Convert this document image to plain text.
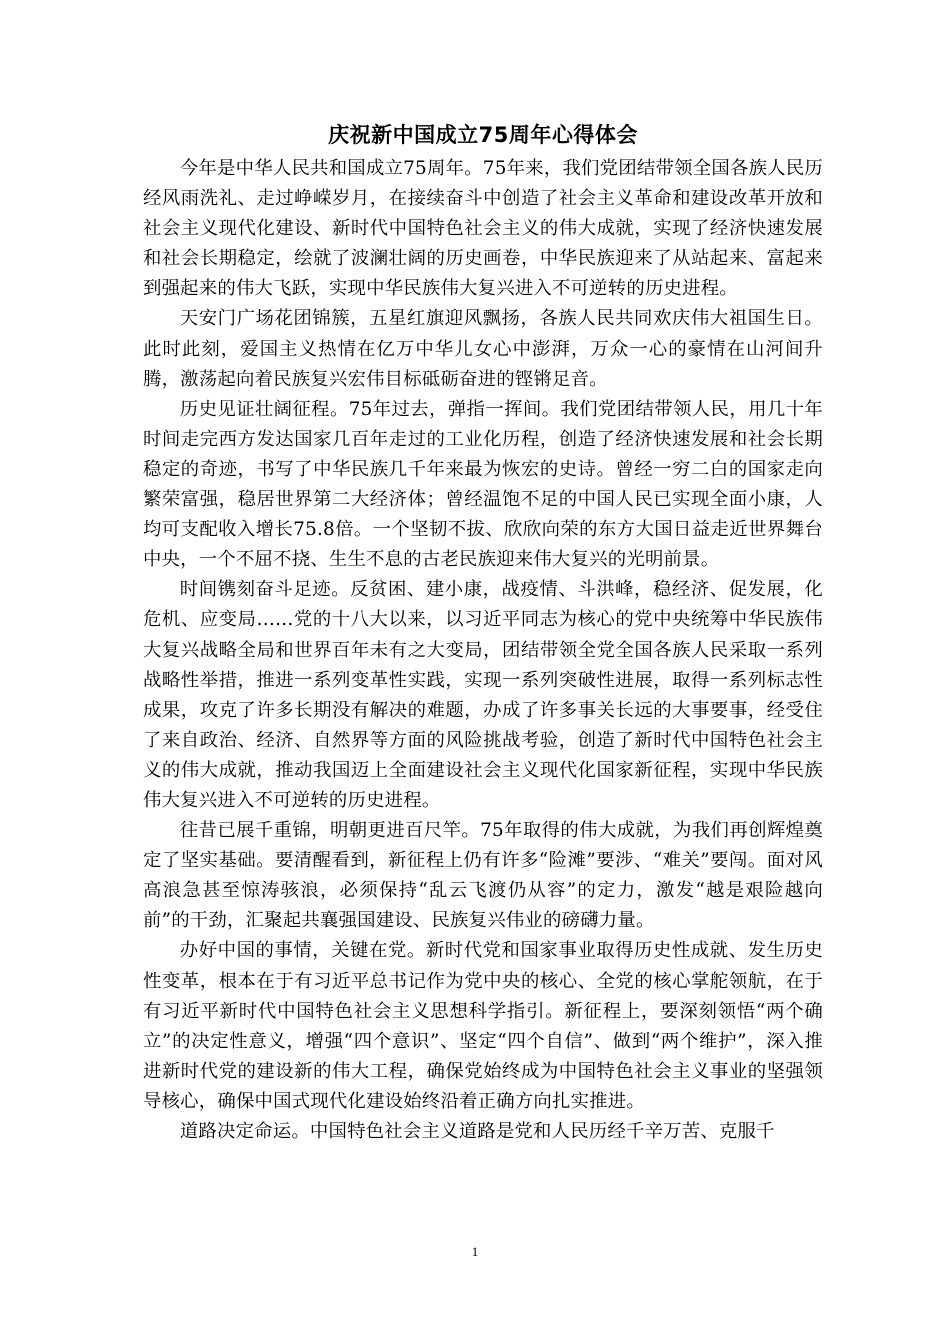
庆祝新中国成立75周年心得体会

今年是中华人民共和国成立75周年。75年来，我们党团结带领全国各族人民历经风雨洗礼、走过峥嵘岁月，在接续奋斗中创造了社会主义革命和建设改革开放和社会主义现代化建设、新时代中国特色社会主义的伟大成就，实现了经济快速发展和社会长期稳定，绘就了波澜壮阔的历史画卷，中华民族迎来了从站起来、富起来到强起来的伟大飞跃，实现中华民族伟大复兴进入不可逆转的历史进程。

天安门广场花团锦簇，五星红旗迎风飘扬，各族人民共同欢庆伟大祖国生日。此时此刻，爱国主义热情在亿万中华儿女心中澎湃，万众一心的豪情在山河间升腾，激荡起向着民族复兴宏伟目标砥砺奋进的铿锵足音。

历史见证壮阔征程。75年过去，弹指一挥间。我们党团结带领人民，用几十年时间走完西方发达国家几百年走过的工业化历程，创造了经济快速发展和社会长期稳定的奇迹，书写了中华民族几千年来最为恢宏的史诗。曾经一穷二白的国家走向繁荣富强，稳居世界第二大经济体；曾经温饱不足的中国人民已实现全面小康，人均可支配收入增长75.8倍。一个坚韧不拔、欣欣向荣的东方大国日益走近世界舞台中央，一个不屈不挠、生生不息的古老民族迎来伟大复兴的光明前景。

时间镌刻奋斗足迹。反贫困、建小康，战疫情、斗洪峰，稳经济、促发展，化危机、应变局……党的十八大以来，以习近平同志为核心的党中央统筹中华民族伟大复兴战略全局和世界百年未有之大变局，团结带领全党全国各族人民采取一系列战略性举措，推进一系列变革性实践，实现一系列突破性进展，取得一系列标志性成果，攻克了许多长期没有解决的难题，办成了许多事关长远的大事要事，经受住了来自政治、经济、自然界等方面的风险挑战考验，创造了新时代中国特色社会主义的伟大成就，推动我国迈上全面建设社会主义现代化国家新征程，实现中华民族伟大复兴进入不可逆转的历史进程。

往昔已展千重锦，明朝更进百尺竿。75年取得的伟大成就，为我们再创辉煌奠定了坚实基础。要清醒看到，新征程上仍有许多“险滩”要涉、“难关”要闯。面对风高浪急甚至惊涛骇浪，必须保持“乱云飞渡仍从容”的定力，激发“越是艰险越向前”的干劲，汇聚起共襄强国建设、民族复兴伟业的磅礴力量。

办好中国的事情，关键在党。新时代党和国家事业取得历史性成就、发生历史性变革，根本在于有习近平总书记作为党中央的核心、全党的核心掌舵领航，在于有习近平新时代中国特色社会主义思想科学指引。新征程上，要深刻领悟“两个确立”的决定性意义，增强“四个意识”、坚定“四个自信”、做到“两个维护”，深入推进新时代党的建设新的伟大工程，确保党始终成为中国特色社会主义事业的坚强领导核心，确保中国式现代化建设始终沿着正确方向扎实推进。

道路决定命运。中国特色社会主义道路是党和人民历经千辛万苦、克服千

1
